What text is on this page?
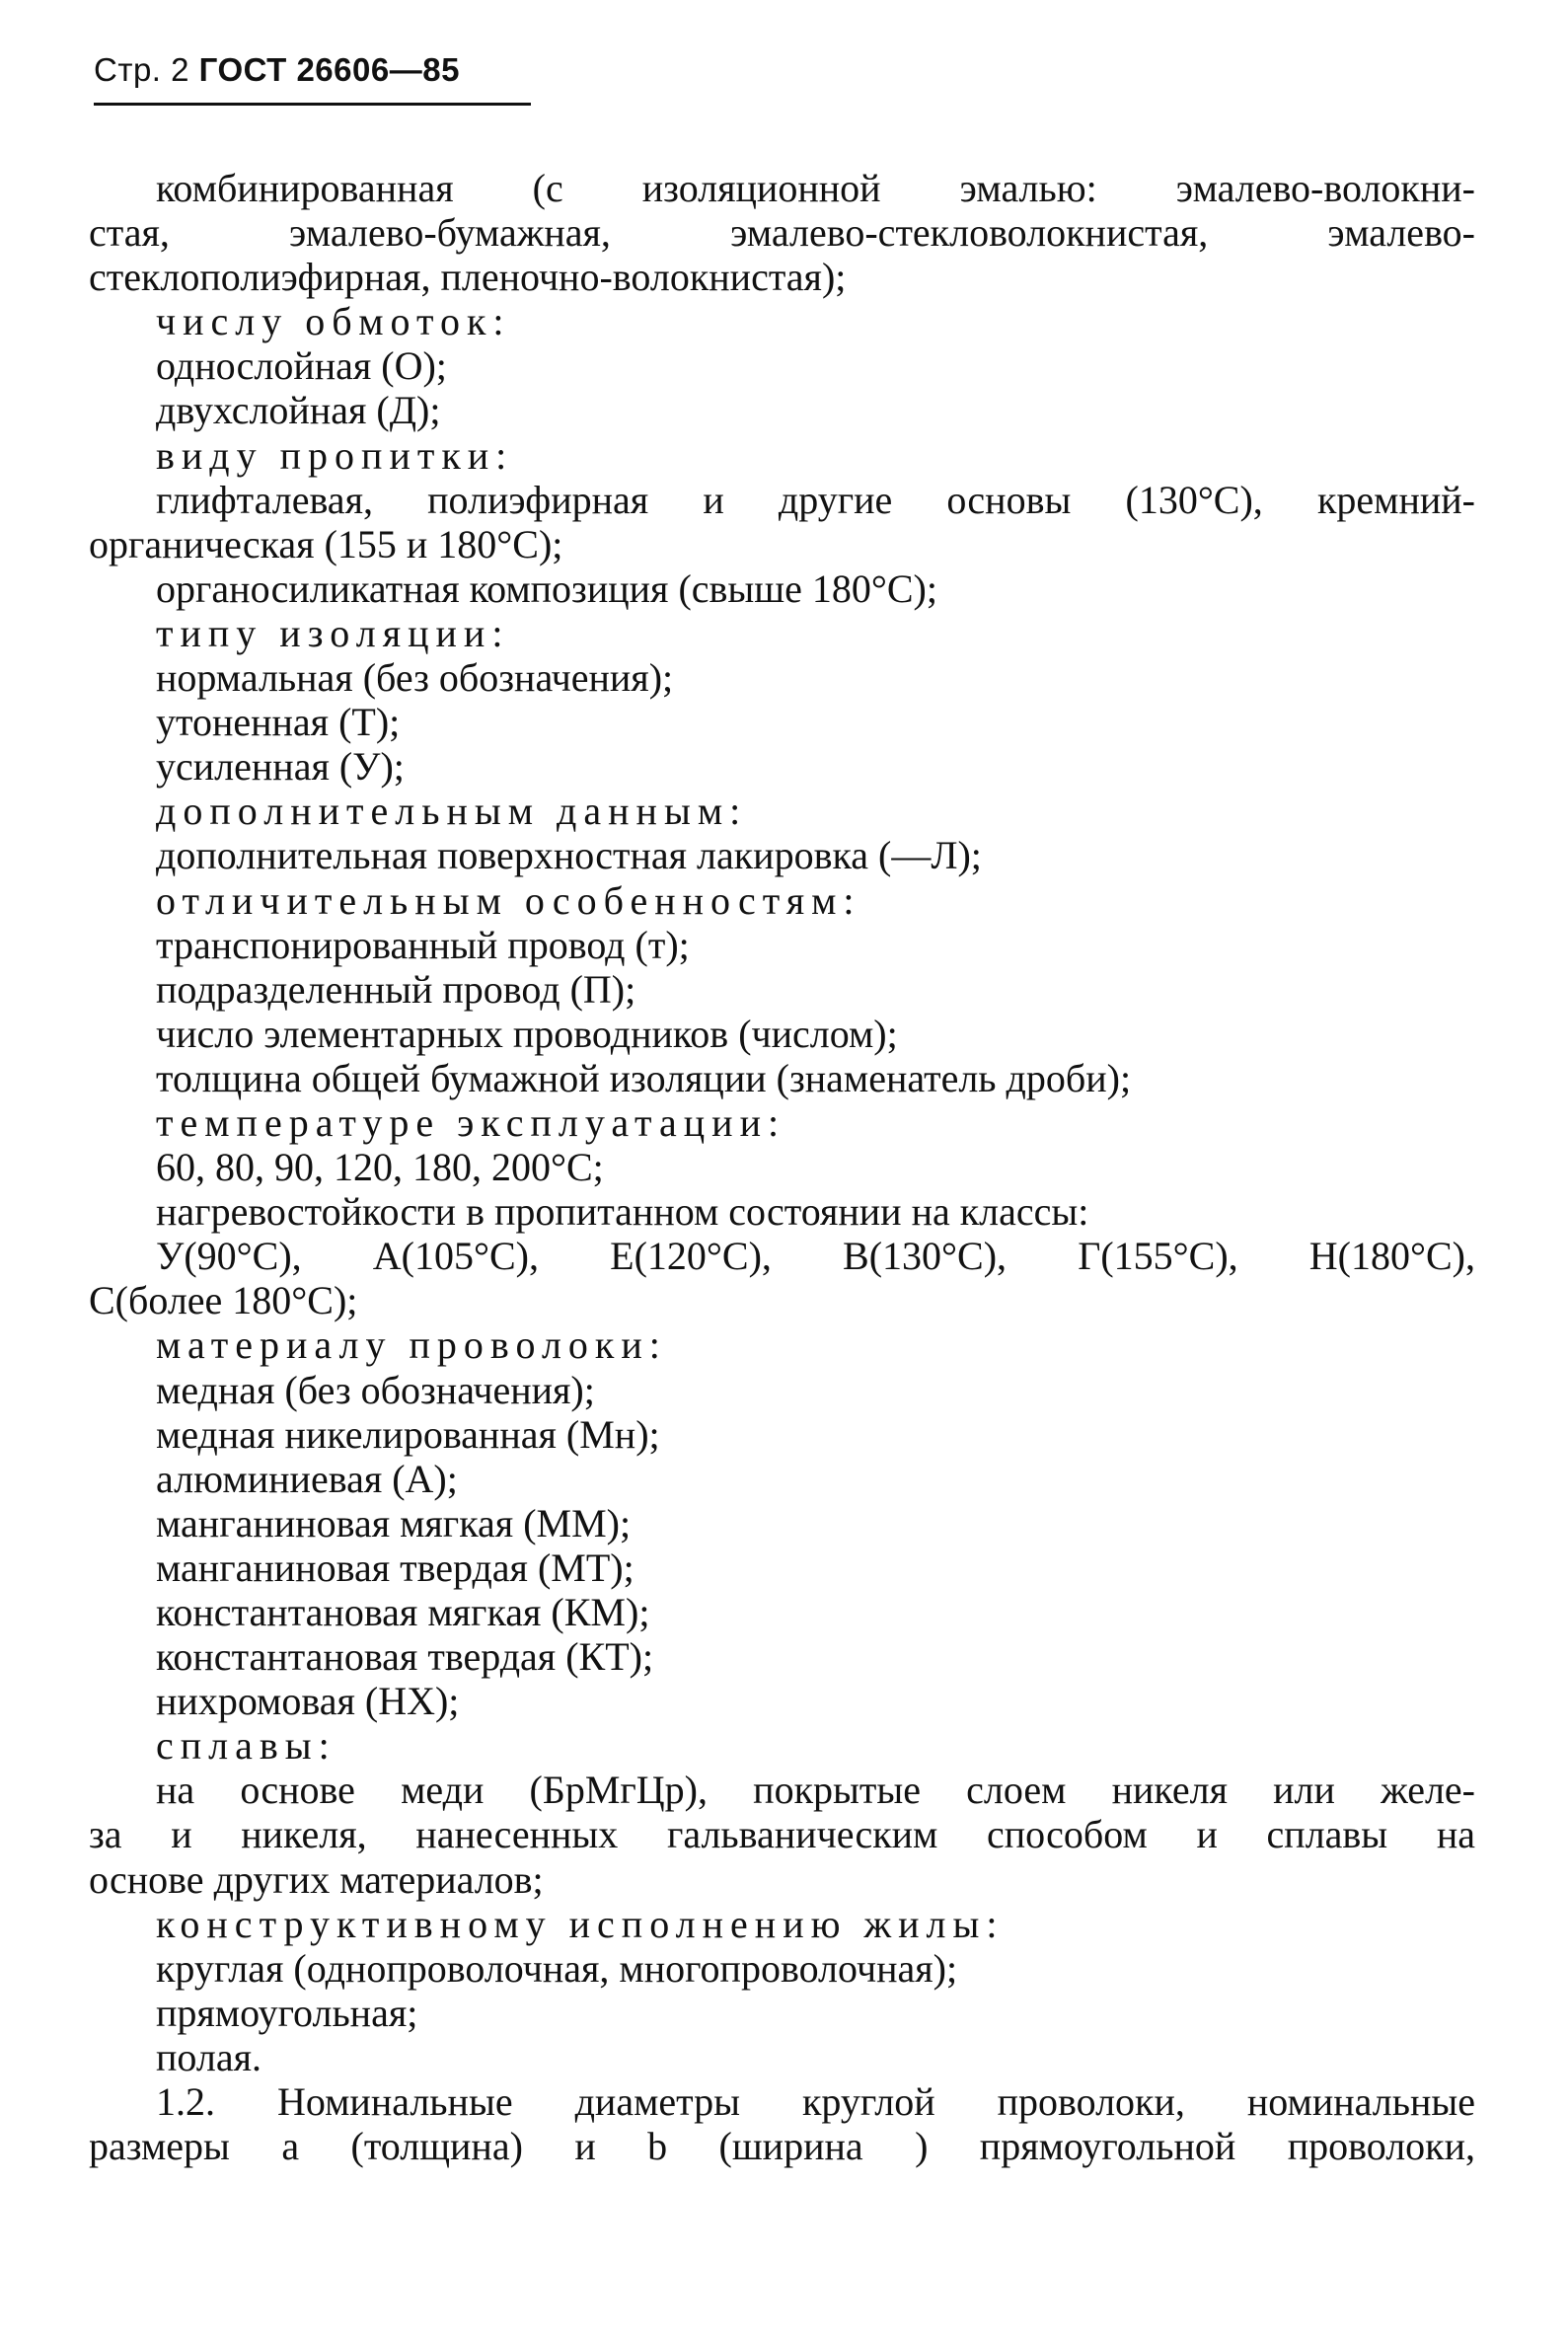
Стр. 2 ГОСТ 26606—85
комбинированная (с изоляционной эмалью: эмалево-волокни-
стая, эмалево-бумажная, эмалево-стекловолокнистая, эмалево-
стеклополиэфирная, пленочно-волокнистая);
числу обмоток:
однослойная (О);
двухслойная (Д);
виду пропитки:
глифталевая, полиэфирная и другие основы (130°С), кремний-
органическая (155 и 180°С);
органосиликатная композиция (свыше 180°С);
типу изоляции:
нормальная (без обозначения);
утоненная (Т);
усиленная (У);
дополнительным данным:
дополнительная поверхностная лакировка (—Л);
отличительным особенностям:
транспонированный провод (т);
подразделенный провод (П);
число элементарных проводников (числом);
толщина общей бумажной изоляции (знаменатель дроби);
температуре эксплуатации:
60, 80, 90, 120, 180, 200°С;
нагревостойкости в пропитанном состоянии на классы:
У(90°С), А(105°С), Е(120°С), В(130°С), Г(155°С), Н(180°С),
С(более 180°С);
материалу проволоки:
медная (без обозначения);
медная никелированная (Мн);
алюминиевая (А);
манганиновая мягкая (ММ);
манганиновая твердая (МТ);
константановая мягкая (КМ);
константановая твердая (КТ);
нихромовая (НХ);
сплавы:
на основе меди (БрМгЦр), покрытые слоем никеля или желе-
за и никеля, нанесенных гальваническим способом и сплавы на
основе других материалов;
конструктивному исполнению жилы:
круглая (однопроволочная, многопроволочная);
прямоугольная;
полая.
1.2. Номинальные диаметры круглой проволоки, номинальные
размеры a (толщина) и b (ширина ) прямоугольной проволоки,
